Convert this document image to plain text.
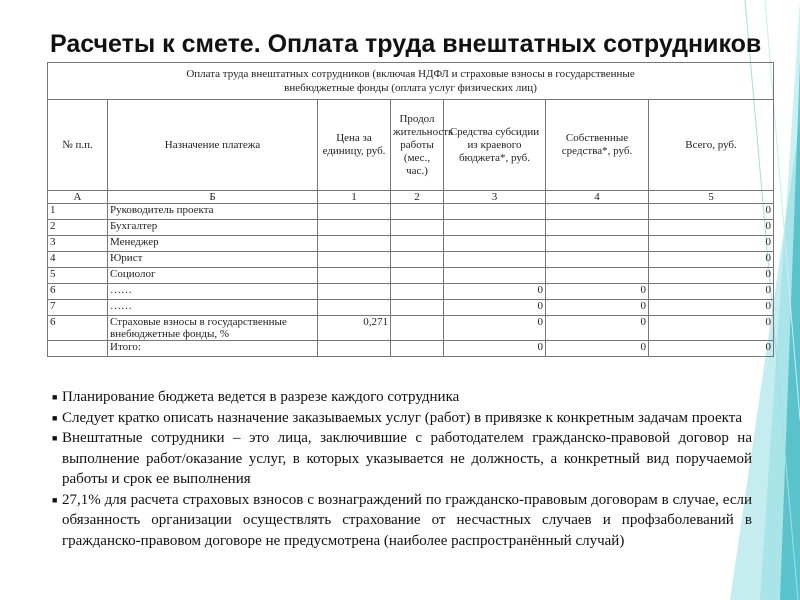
Расчеты к смете. Оплата труда внештатных сотрудников
Оплата труда внештатных сотрудников (включая НДФЛ и страховые взносы в государственные
внебюджетные фонды (оплата услуг физических лиц)						

№ п.п.	Назначение платежа	Цена за единицу, руб.	Продол жительность работы (мес., час.)	Средства субсидии из краевого бюджета*, руб.	Собственные средства*, руб.	Всего, руб.
А	Б	1	2	3	4	5
1	Руководитель проекта					0
2	Бухгалтер					0
3	Менеджер					0
4	Юрист					0
5	Социолог					0
6	……			0	0	0
7	……			0	0	0
6	Страховые взносы в государственные внебюджетные фонды, %	0,271		0	0	0
	Итого:			0	0	0
■ Планирование бюджета ведется в разрезе каждого сотрудника
■ Следует кратко описать назначение заказываемых услуг (работ) в привязке к конкретным задачам проекта
■ Внештатные сотрудники – это лица, заключившие с работодателем гражданско-правовой договор на выполнение работ/оказание услуг, в которых указывается не должность, а конкретный вид поручаемой работы и срок ее выполнения
■ 27,1% для расчета страховых взносов с вознаграждений по гражданско-правовым договорам в случае, если обязанность организации осуществлять страхование от несчастных случаев и профзаболеваний в гражданско-правовом договоре не предусмотрена (наиболее распространённый случай)
